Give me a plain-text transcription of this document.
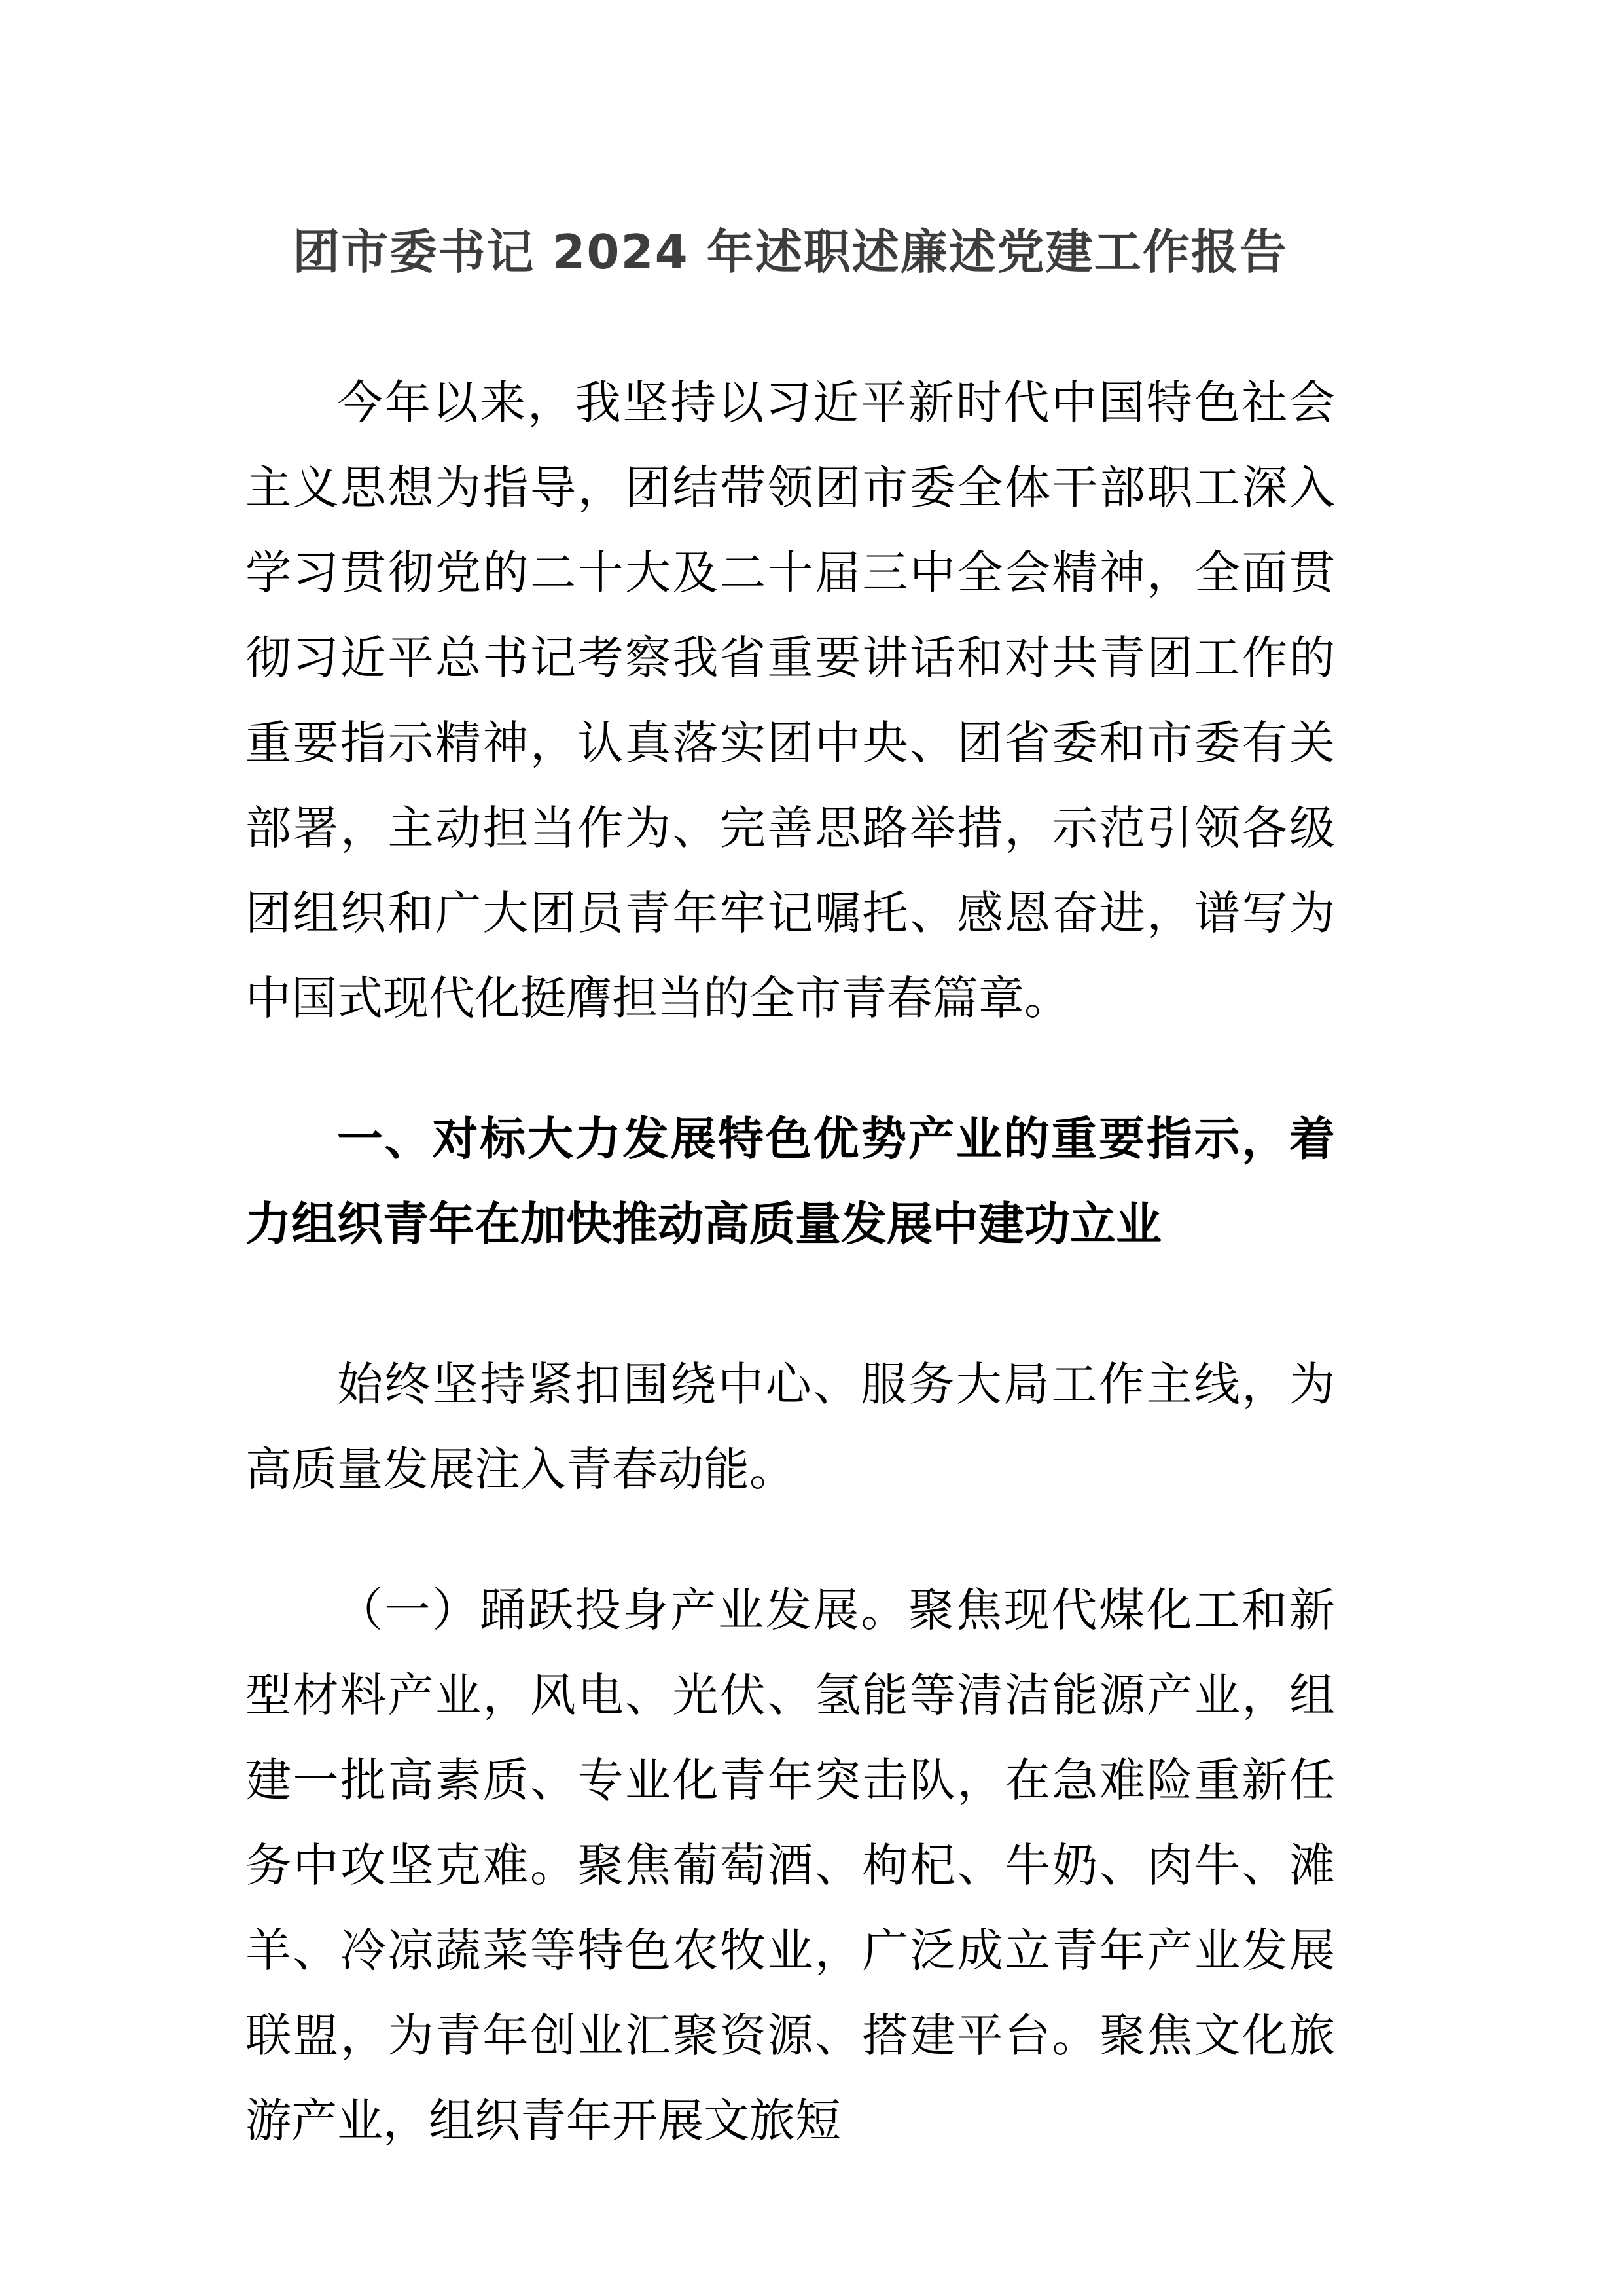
团市委书记 2024 年述职述廉述党建工作报告

今年以来，我坚持以习近平新时代中国特色社会主义思想为指导，团结带领团市委全体干部职工深入学习贯彻党的二十大及二十届三中全会精神，全面贯彻习近平总书记考察我省重要讲话和对共青团工作的重要指示精神，认真落实团中央、团省委和市委有关部署，主动担当作为、完善思路举措，示范引领各级团组织和广大团员青年牢记嘱托、感恩奋进，谱写为中国式现代化挺膺担当的全市青春篇章。

一、对标大力发展特色优势产业的重要指示，着力组织青年在加快推动高质量发展中建功立业

始终坚持紧扣围绕中心、服务大局工作主线，为高质量发展注入青春动能。

（一）踊跃投身产业发展。聚焦现代煤化工和新型材料产业，风电、光伏、氢能等清洁能源产业，组建一批高素质、专业化青年突击队，在急难险重新任务中攻坚克难。聚焦葡萄酒、枸杞、牛奶、肉牛、滩羊、冷凉蔬菜等特色农牧业，广泛成立青年产业发展联盟，为青年创业汇聚资源、搭建平台。聚焦文化旅游产业，组织青年开展文旅短
